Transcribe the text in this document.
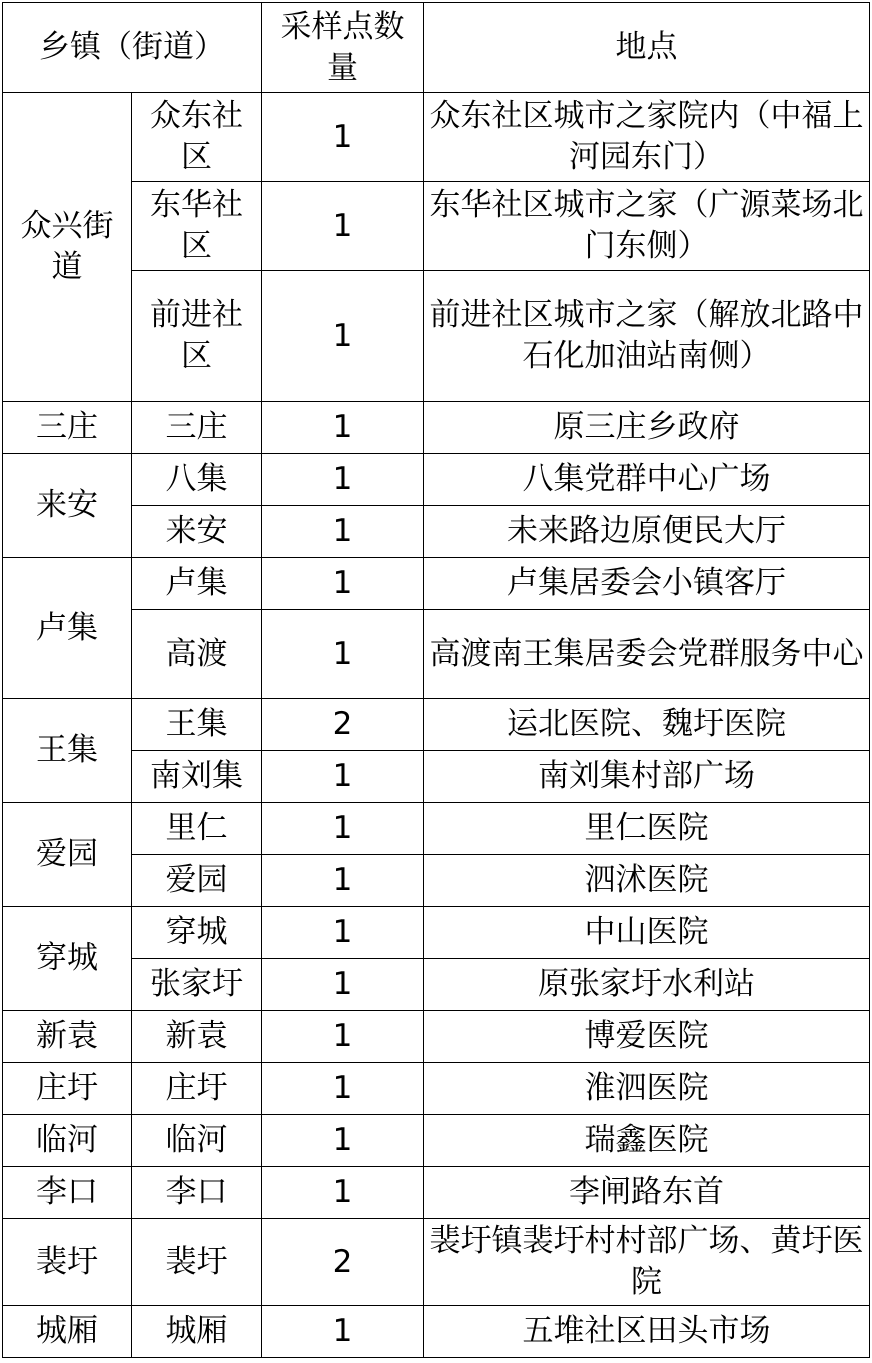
乡镇（街道）		采样点数量	地点
众兴街道	众东社区	1	众东社区城市之家院内（中福上河园东门）
	东华社区	1	东华社区城市之家（广源菜场北门东侧）
	前进社区	1	前进社区城市之家（解放北路中石化加油站南侧）
三庄	三庄	1	原三庄乡政府
来安	八集	1	八集党群中心广场
	来安	1	未来路边原便民大厅
卢集	卢集	1	卢集居委会小镇客厅
	高渡	1	高渡南王集居委会党群服务中心
王集	王集	2	运北医院、魏圩医院
	南刘集	1	南刘集村部广场
爱园	里仁	1	里仁医院
	爱园	1	泗沭医院
穿城	穿城	1	中山医院
	张家圩	1	原张家圩水利站
新袁	新袁	1	博爱医院
庄圩	庄圩	1	淮泗医院
临河	临河	1	瑞鑫医院
李口	李口	1	李闸路东首
裴圩	裴圩	2	裴圩镇裴圩村村部广场、黄圩医院
城厢	城厢	1	五堆社区田头市场
